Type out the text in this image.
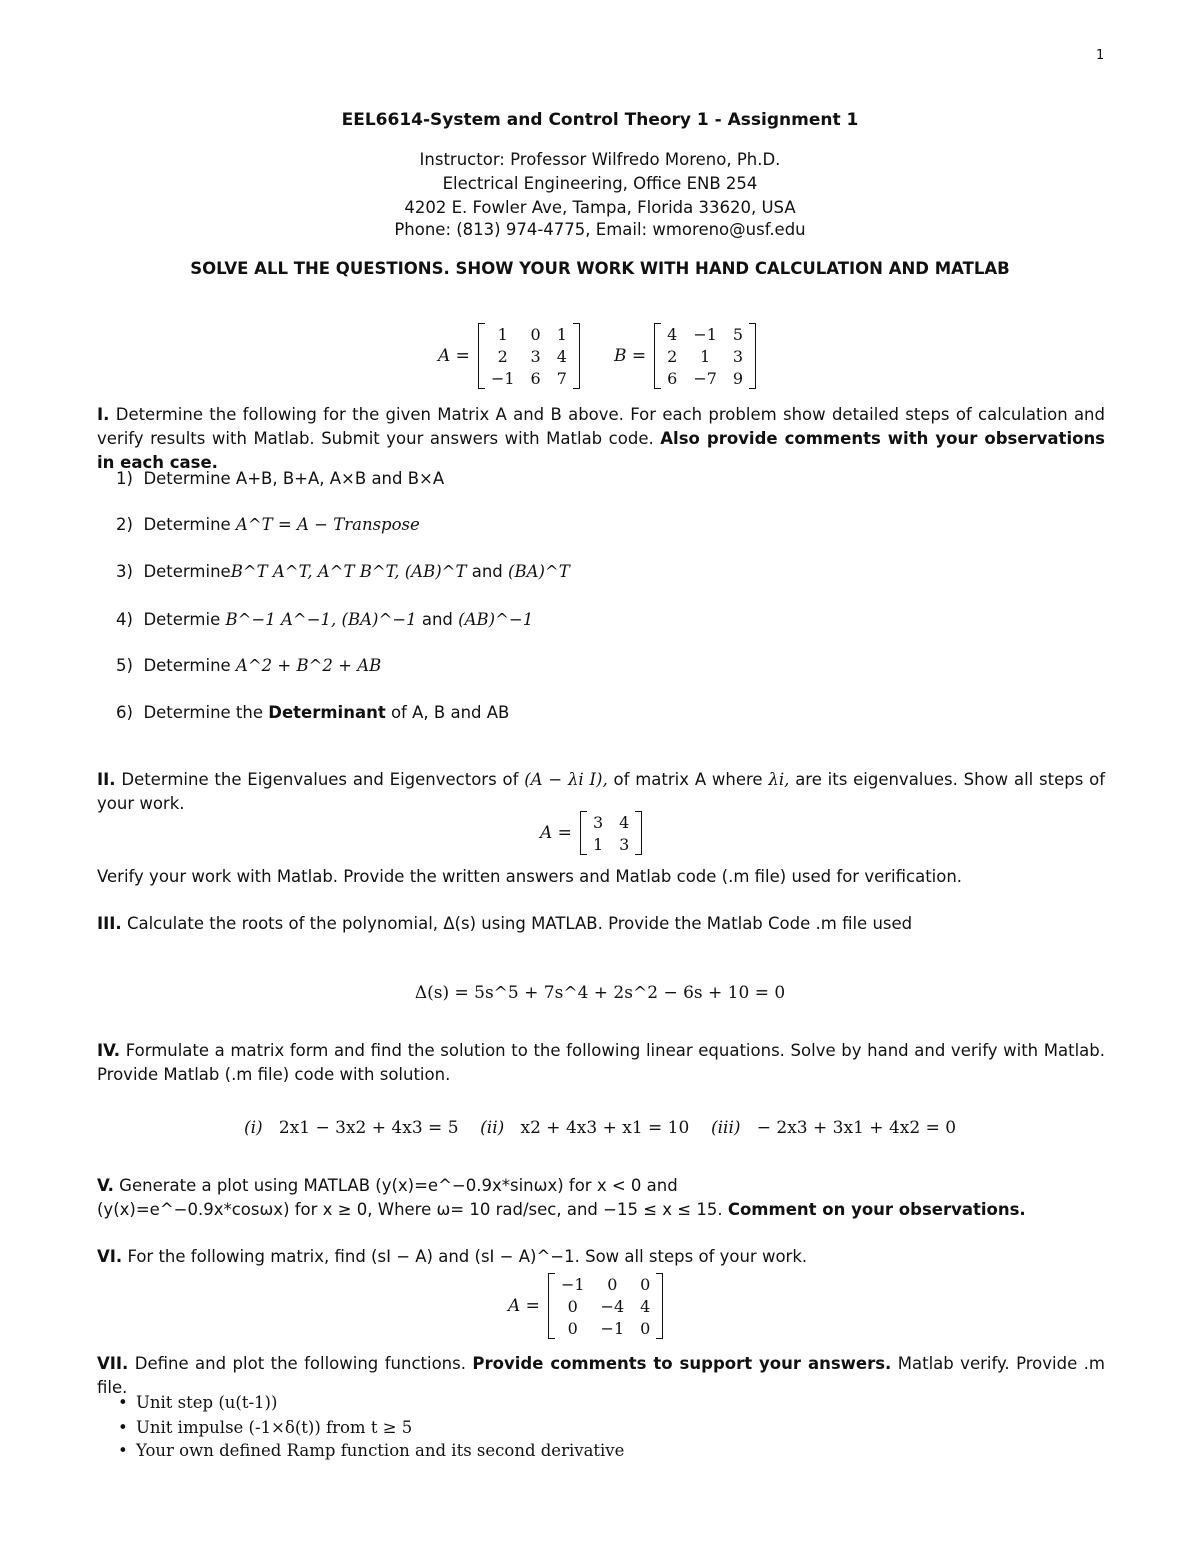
1
EEL6614-System and Control Theory 1 - Assignment 1
Instructor: Professor Wilfredo Moreno, Ph.D.
Electrical Engineering, Office ENB 254
4202 E. Fowler Ave, Tampa, Florida 33620, USA
Phone: (813) 974-4775, Email: wmoreno@usf.edu
SOLVE ALL THE QUESTIONS. SHOW YOUR WORK WITH HAND CALCULATION AND MATLAB
A =
1	0	1
2	3	4
−1	6	7
B =
4	−1	5
2	1	3
6	−7	9
I. Determine the following for the given Matrix A and B above. For each problem show detailed steps of calculation and verify results with Matlab. Submit your answers with Matlab code. Also provide comments with your observations in each case.
1) Determine A+B, B+A, A×B and B×A
2) Determine A^T = A − Transpose
3) DetermineB^T A^T, A^T B^T, (AB)^T and (BA)^T
4) Determie B^−1 A^−1, (BA)^−1 and (AB)^−1
5) Determine A^2 + B^2 + AB
6) Determine the Determinant of A, B and AB
II. Determine the Eigenvalues and Eigenvectors of (A − λi I), of matrix A where λi, are its eigenvalues. Show all steps of your work.
A =
3	4
1	3
Verify your work with Matlab. Provide the written answers and Matlab code (.m file) used for verification.
III. Calculate the roots of the polynomial, Δ(s) using MATLAB. Provide the Matlab Code .m file used
Δ(s) = 5s^5 + 7s^4 + 2s^2 − 6s + 10 = 0
IV. Formulate a matrix form and find the solution to the following linear equations. Solve by hand and verify with Matlab. Provide Matlab (.m file) code with solution.
(i) 2x1 − 3x2 + 4x3 = 5 (ii) x2 + 4x3 + x1 = 10 (iii) − 2x3 + 3x1 + 4x2 = 0
V. Generate a plot using MATLAB (y(x)=e^−0.9x*sinωx) for x < 0 and
(y(x)=e^−0.9x*cosωx) for x ≥ 0, Where ω= 10 rad/sec, and −15 ≤ x ≤ 15. Comment on your observations.
VI. For the following matrix, find (sI − A) and (sI − A)^−1. Sow all steps of your work.
A =
−1	0	0
0	−4	4
0	−1	0
VII. Define and plot the following functions. Provide comments to support your answers. Matlab verify. Provide .m file.
• Unit step (u(t-1))
• Unit impulse (-1×δ(t)) from t ≥ 5
• Your own defined Ramp function and its second derivative
